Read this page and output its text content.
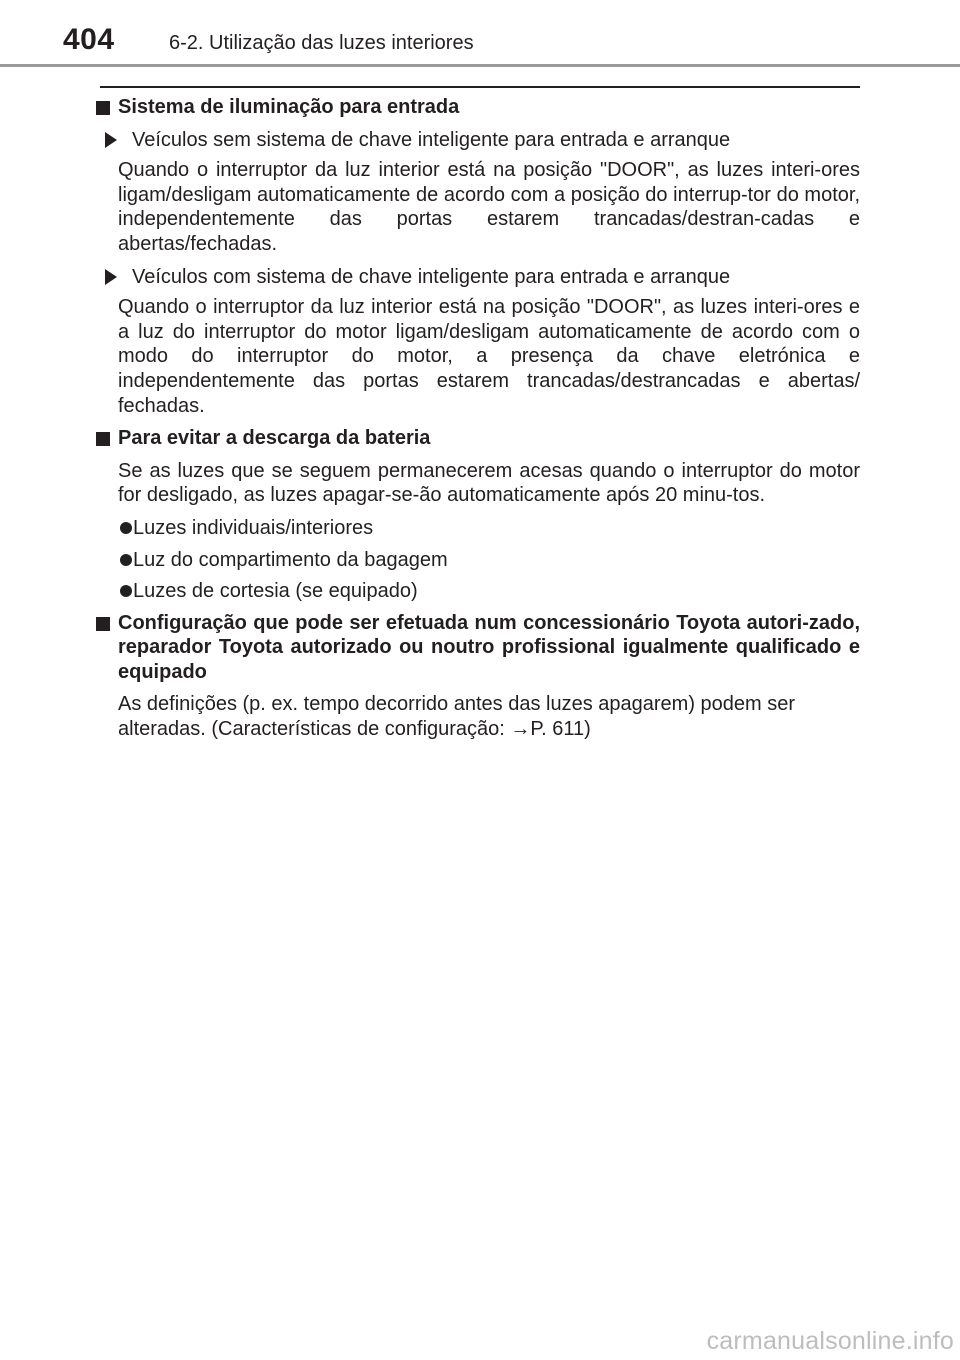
404	6-2. Utilização das luzes interiores
Sistema de iluminação para entrada
Veículos sem sistema de chave inteligente para entrada e arranque

Quando o interruptor da luz interior está na posição "DOOR", as luzes interi-ores ligam/desligam automaticamente de acordo com a posição do interrup-tor do motor, independentemente das portas estarem trancadas/destran-cadas e abertas/fechadas.

Veículos com sistema de chave inteligente para entrada e arranque

Quando o interruptor da luz interior está na posição "DOOR", as luzes interi-ores e a luz do interruptor do motor ligam/desligam automaticamente de acordo com o modo do interruptor do motor, a presença da chave eletrónica e independentemente das portas estarem trancadas/destrancadas e abertas/ fechadas.

Para evitar a descarga da bateria

Se as luzes que se seguem permanecerem acesas quando o interruptor do motor for desligado, as luzes apagar-se-ão automaticamente após 20 minu-tos.

Luzes individuais/interiores
Luz do compartimento da bagagem
Luzes de cortesia (se equipado)
Configuração que pode ser efetuada num concessionário Toyota autori-zado, reparador Toyota autorizado ou noutro profissional igualmente qualificado e equipado

As definições (p. ex. tempo decorrido antes das luzes apagarem) podem ser alteradas. (Características de configuração: →P. 611)

carmanualsonline.info
